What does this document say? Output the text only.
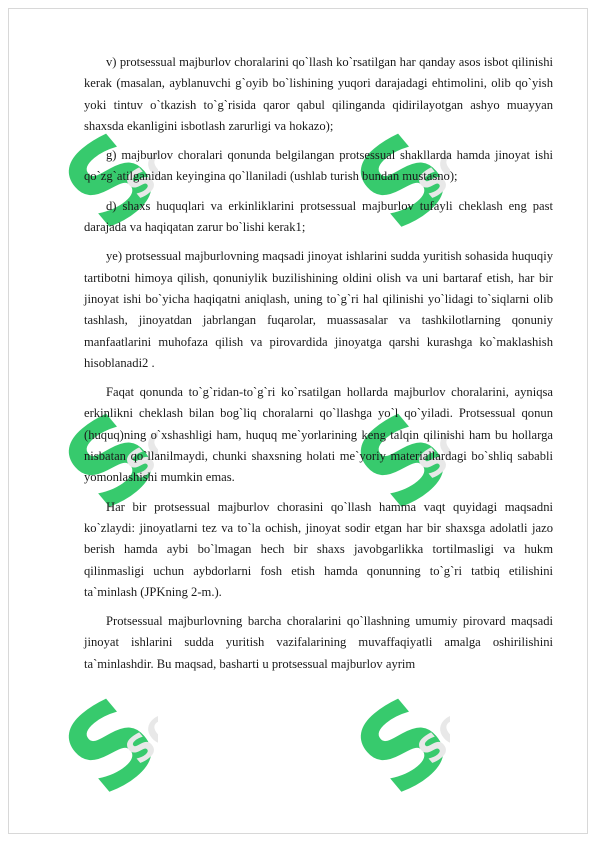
S
SOLIQ S
SOLIQ
S
SOLIQ S
SOLIQ
S
SOLIQ S
SOLIQ

v) protsessual majburlov choralarini qo`llash ko`rsatilgan har qanday asos isbot qilinishi kerak (masalan, ayblanuvchi g`oyib bo`lishining yuqori darajadagi ehtimolini, olib qo`yish yoki tintuv o`tkazish to`g`risida qaror qabul qilinganda qidirilayotgan ashyo muayyan shaxsda ekanligini isbotlash zarurligi va hokazo);

g) majburlov choralari qonunda belgilangan protsessual shakllarda hamda jinoyat ishi qo`zg`atilganidan keyingina qo`llaniladi (ushlab turish bundan mustasno);

d) shaxs huquqlari va erkinliklarini protsessual majburlov tufayli cheklash eng past darajada va haqiqatan zarur bo`lishi kerak1;

ye) protsessual majburlovning maqsadi jinoyat ishlarini sudda yuritish sohasida huquqiy tartibotni himoya qilish, qonuniylik buzilishining oldini olish va uni bartaraf etish, har bir jinoyat ishi bo`yicha haqiqatni aniqlash, uning to`g`ri hal qilinishi yo`lidagi to`siqlarni olib tashlash, jinoyatdan jabrlangan fuqarolar, muassasalar va tashkilotlarning qonuniy manfaatlarini muhofaza qilish va pirovardida jinoyatga qarshi kurashga ko`maklashish hisoblanadi2 .

Faqat qonunda to`g`ridan-to`g`ri ko`rsatilgan hollarda majburlov choralarini, ayniqsa erkinlikni cheklash bilan bog`liq choralarni qo`llashga yo`l qo`yiladi. Protsessual qonun (huquq)ning o`xshashligi ham, huquq me`yorlarining keng talqin qilinishi ham bu hollarga nisbatan qo`llanilmaydi, chunki shaxsning holati me`yoriy materiallardagi bo`shliq sababli yomonlashishi mumkin emas.

Har bir protsessual majburlov chorasini qo`llash hamma vaqt quyidagi maqsadni ko`zlaydi: jinoyatlarni tez va to`la ochish, jinoyat sodir etgan har bir shaxsga adolatli jazo berish hamda aybi bo`lmagan hech bir shaxs javobgarlikka tortilmasligi va hukm qilinmasligi uchun aybdorlarni fosh etish hamda qonunning to`g`ri tatbiq etilishini ta`minlash (JPKning 2-m.).

Protsessual majburlovning barcha choralarini qo`llashning umumiy pirovard maqsadi jinoyat ishlarini sudda yuritish vazifalarining muvaffaqiyatli amalga oshirilishini ta`minlashdir. Bu maqsad, basharti u protsessual majburlov ayrim
